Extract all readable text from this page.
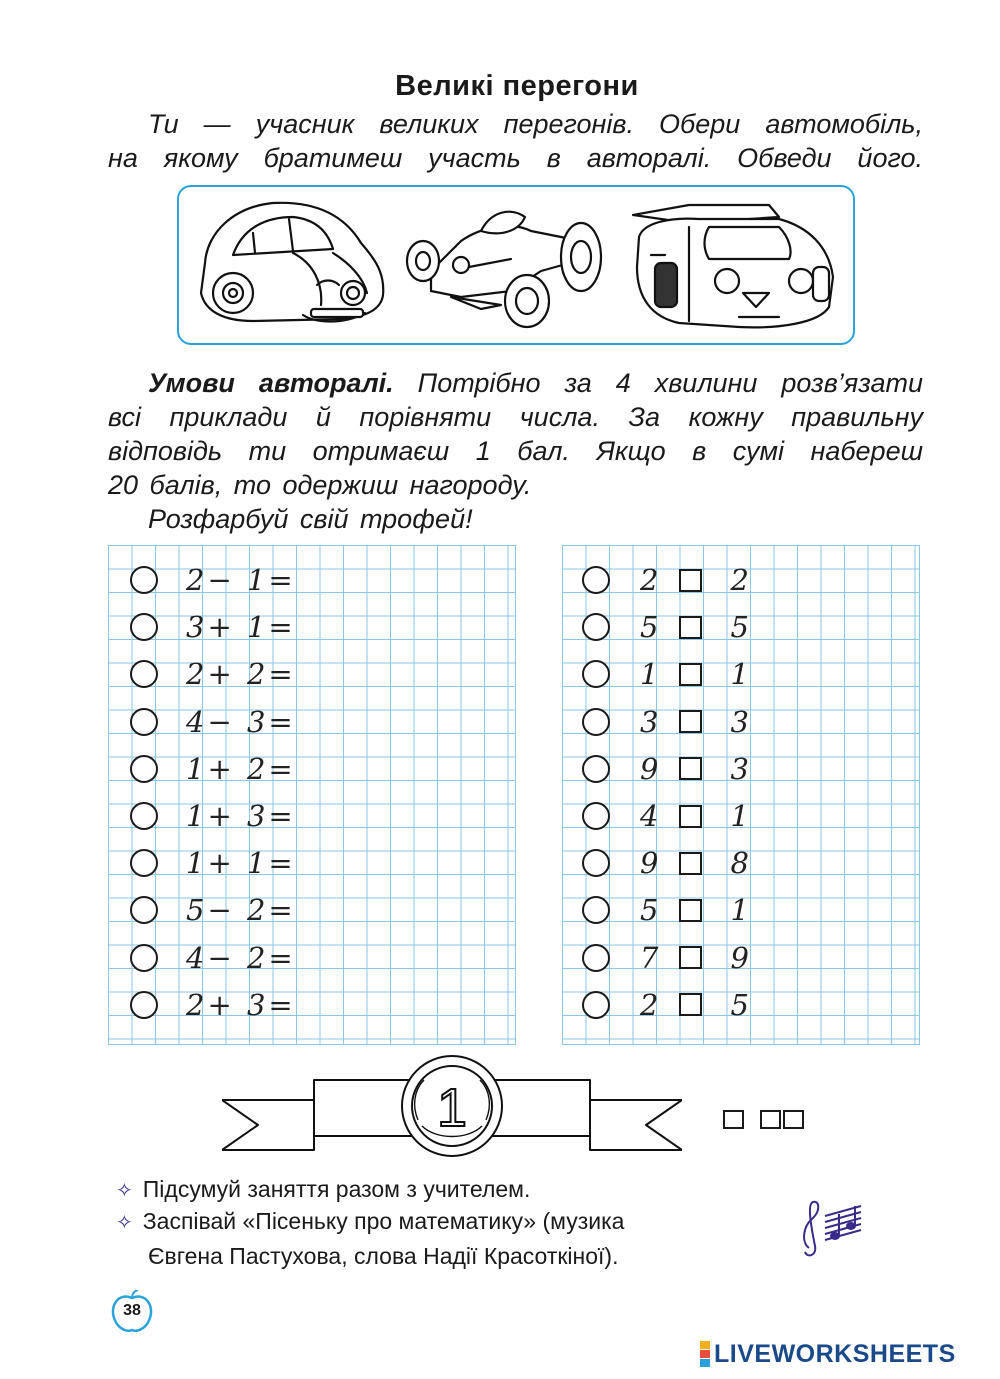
Великі перегони
Ти — учасник великих перегонів. Обери автомобіль,
на якому братимеш участь в авторалі. Обведи його.
Умови авторалі. Потрібно за 4 хвилини розв’язати
всі приклади й порівняти числа. За кожну правильну
відповідь ти отримаєш 1 бал. Якщо в сумі набереш
20 балів, то одержиш нагороду.
Розфарбуй свій трофей!
2− 1=
3+ 1=
2+ 2=
4− 3=
1+ 2=
1+ 3=
1+ 1=
5− 2=
4− 2=
2+ 3=
2 2
5 5
1 1
3 3
9 3
4 1
9 8
5 1
7 9
2 5
1
✧ Підсумуй заняття разом з учителем.
✧ Заспівай «Пісеньку про математику» (музика
Євгена Пастухова, слова Надії Красоткіної).
38
LIVEWORKSHEETS
